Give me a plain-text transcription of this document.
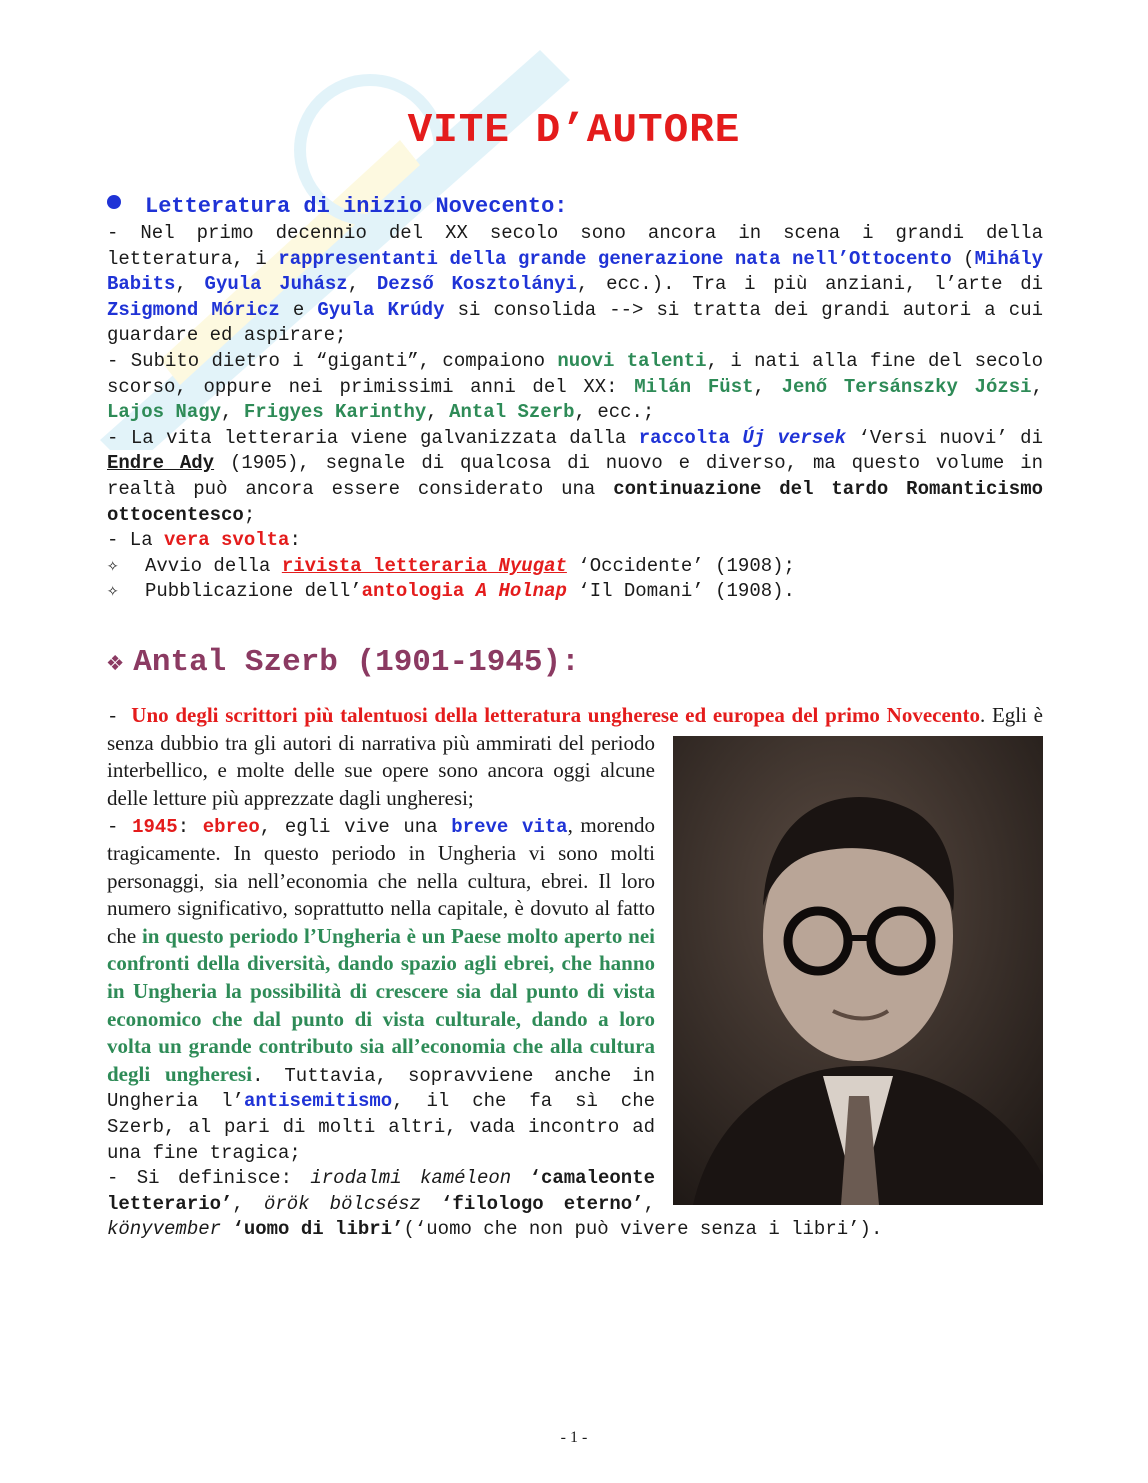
VITE D’AUTORE
Letteratura di inizio Novecento:

- Nel primo decennio del XX secolo sono ancora in scena i grandi della letteratura, i rappresentanti della grande generazione nata nell’Ottocento (Mihály Babits, Gyula Juhász, Dezső Kosztolányi, ecc.). Tra i più anziani, l’arte di Zsigmond Móricz e Gyula Krúdy si consolida --> si tratta dei grandi autori a cui guardare ed aspirare;

- Subito dietro i “giganti”, compaiono nuovi talenti, i nati alla fine del secolo scorso, oppure nei primissimi anni del XX: Milán Füst, Jenő Tersánszky Józsi, Lajos Nagy, Frigyes Karinthy, Antal Szerb, ecc.;

- La vita letteraria viene galvanizzata dalla raccolta Új versek ‘Versi nuovi’ di Endre Ady (1905), segnale di qualcosa di nuovo e diverso, ma questo volume in realtà può ancora essere considerato una continuazione del tardo Romanticismo ottocentesco;

- La vera svolta:

✧	Avvio della rivista letteraria Nyugat ‘Occidente’ (1908);
✧	Pubblicazione dell’antologia A Holnap ‘Il Domani’ (1908).
❖ Antal Szerb (1901-1945):

- Uno degli scrittori più talentuosi della letteratura ungherese ed europea del primo Novecento
. Egli è senza dubbio tra gli autori di narrativa più ammirati del periodo interbellico, e molte delle sue opere sono ancora oggi alcune delle letture più apprezzate dagli ungheresi;

- 1945: ebreo, egli vive una breve vita, morendo tragicamente. In questo periodo in Ungheria vi sono molti personaggi, sia nell’economia che nella cultura, ebrei. Il loro numero significativo, soprattutto nella capitale, è dovuto al fatto che in questo periodo l’Ungheria è un Paese molto aperto nei confronti della diversità, dando spazio agli ebrei, che hanno in Ungheria la possibilità di crescere sia dal punto di vista economico che dal punto di vista culturale, dando a loro volta un grande contributo sia all’economia che alla cultura degli ungheresi. Tuttavia, sopravviene anche in Ungheria l’antisemitismo, il che fa sì che Szerb, al pari di molti altri, vada incontro ad una fine tragica;

- Si definisce: irodalmi kaméleon ‘camaleonte letterario’, örök bölcsész ‘filologo eterno’, könyvember ‘uomo di libri’(‘uomo che non può vivere senza i libri’).

- 1 -
